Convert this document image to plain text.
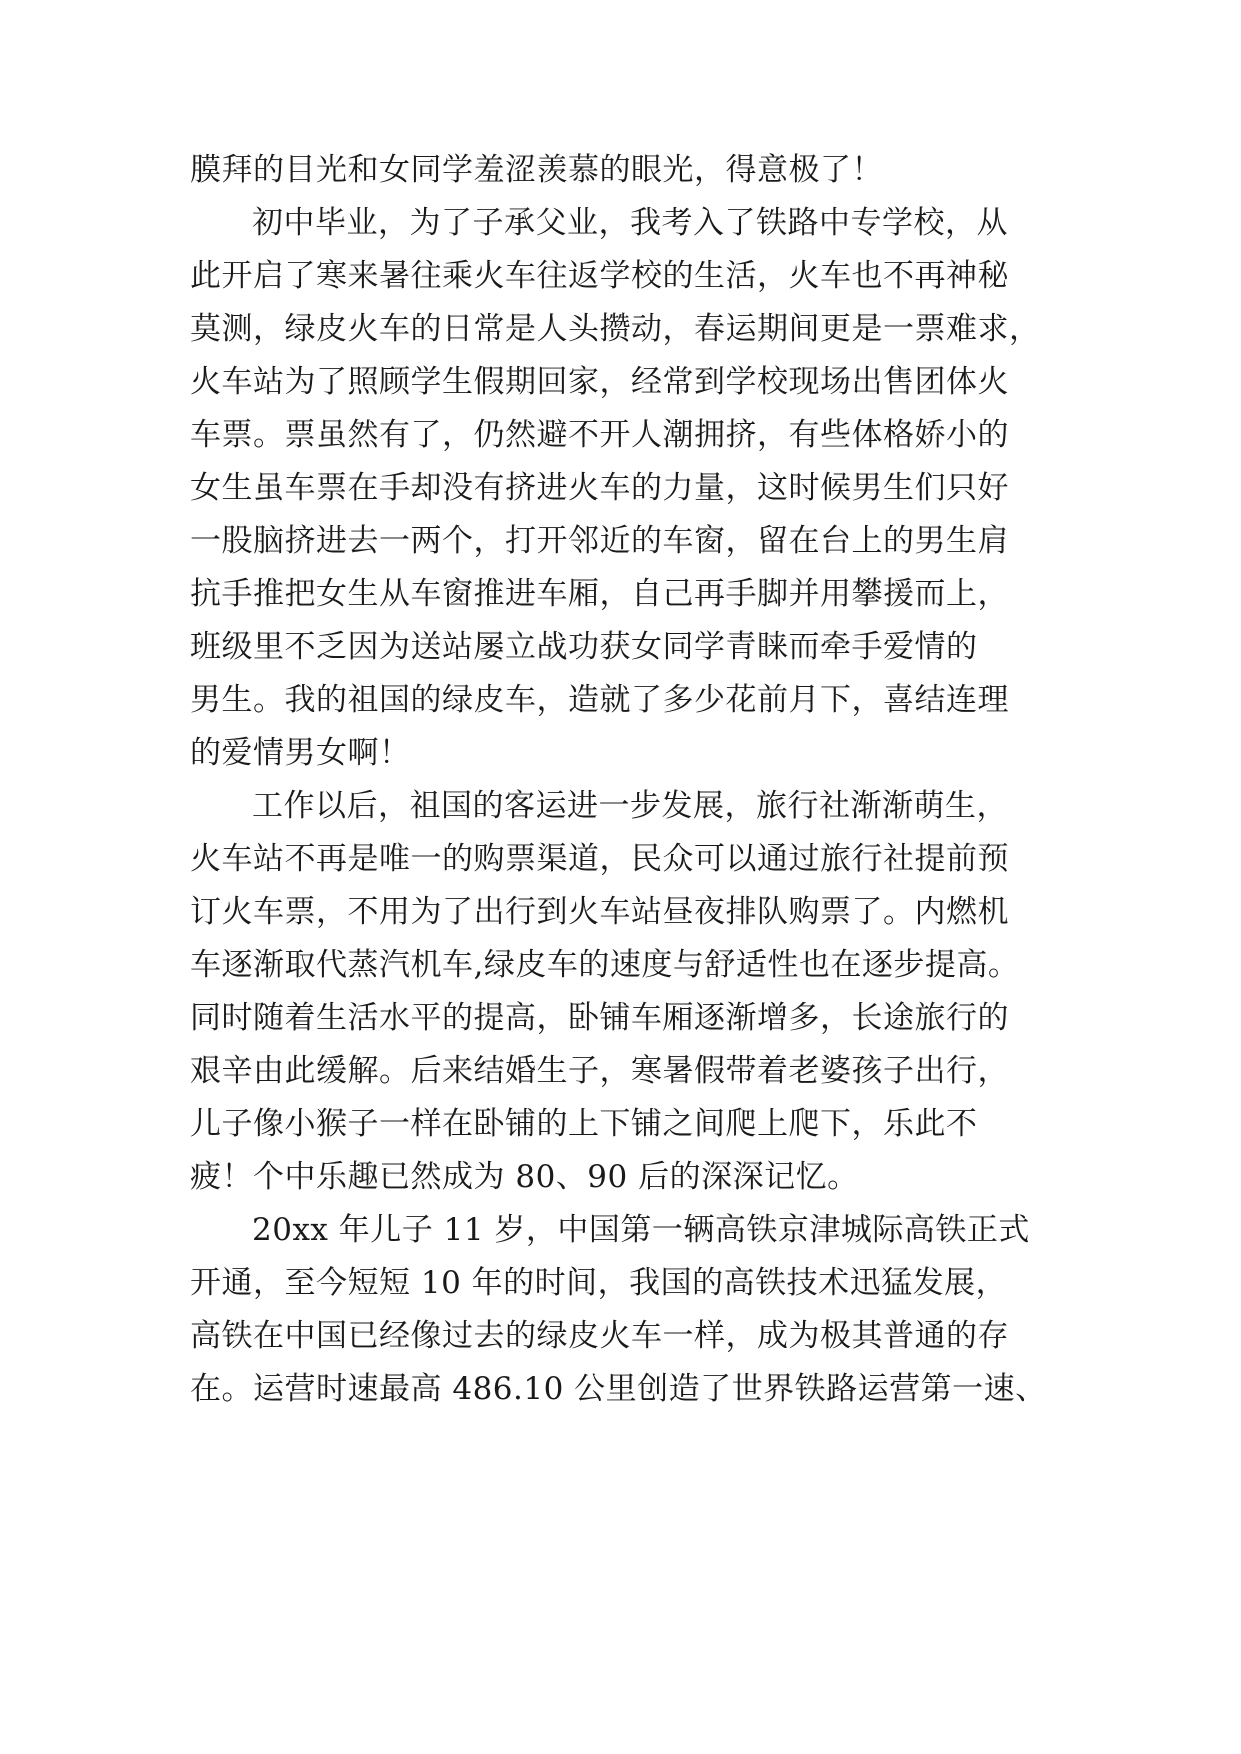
膜拜的目光和女同学羞涩羡慕的眼光，得意极了！
初中毕业，为了子承父业，我考入了铁路中专学校，从
此开启了寒来暑往乘火车往返学校的生活，火车也不再神秘
莫测，绿皮火车的日常是人头攒动，春运期间更是一票难求，
火车站为了照顾学生假期回家，经常到学校现场出售团体火
车票。票虽然有了，仍然避不开人潮拥挤，有些体格娇小的
女生虽车票在手却没有挤进火车的力量，这时候男生们只好
一股脑挤进去一两个，打开邻近的车窗，留在台上的男生肩
抗手推把女生从车窗推进车厢，自己再手脚并用攀援而上，
班级里不乏因为送站屡立战功获女同学青睐而牵手爱情的
男生。我的祖国的绿皮车，造就了多少花前月下，喜结连理
的爱情男女啊！
工作以后，祖国的客运进一步发展，旅行社渐渐萌生，
火车站不再是唯一的购票渠道，民众可以通过旅行社提前预
订火车票，不用为了出行到火车站昼夜排队购票了。内燃机
车逐渐取代蒸汽机车,绿皮车的速度与舒适性也在逐步提高。
同时随着生活水平的提高，卧铺车厢逐渐增多，长途旅行的
艰辛由此缓解。后来结婚生子，寒暑假带着老婆孩子出行，
儿子像小猴子一样在卧铺的上下铺之间爬上爬下，乐此不
疲！个中乐趣已然成为 80、90 后的深深记忆。
20xx 年儿子 11 岁，中国第一辆高铁京津城际高铁正式
开通，至今短短 10 年的时间，我国的高铁技术迅猛发展，
高铁在中国已经像过去的绿皮火车一样，成为极其普通的存
在。运营时速最高 486.10 公里创造了世界铁路运营第一速、
